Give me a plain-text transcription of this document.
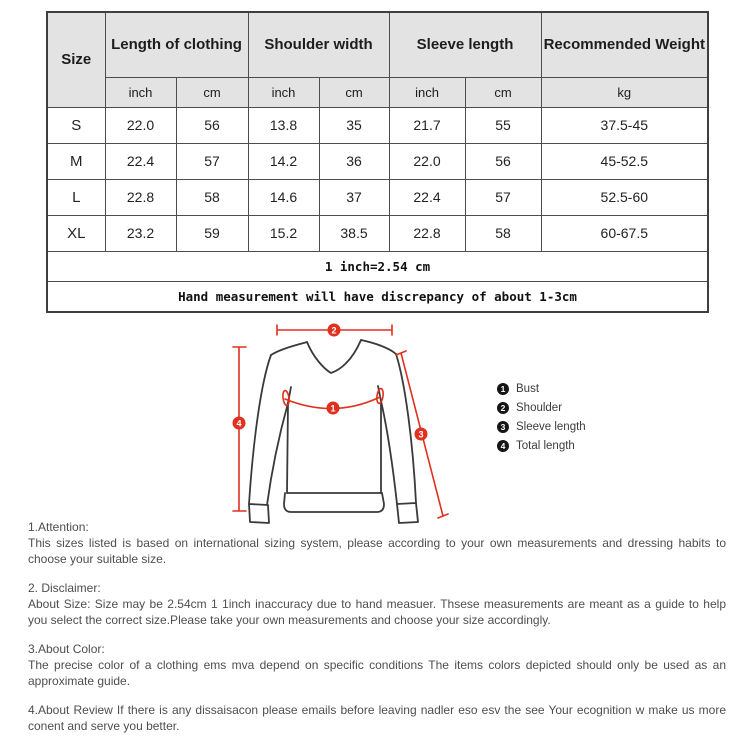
Size	Length of clothing		Shoulder width		Sleeve length		Recommended Weight
	inch	cm	inch	cm	inch	cm	kg
S	22.0	56	13.8	35	21.7	55	37.5-45
M	22.4	57	14.2	36	22.0	56	45-52.5
L	22.8	58	14.6	37	22.4	57	52.5-60
XL	23.2	59	15.2	38.5	22.8	58	60-67.5
1 inch=2.54 cm							
Hand measurement will have discrepancy of about 1-3cm							
2
4
3
1
1 Bust
2 Shoulder
3 Sleeve length
4 Total length
1.Attention:
This sizes listed is based on international sizing system, please according to your own measurements and dressing habits to choose your suitable size.
2. Disclaimer:
About Size: Size may be 2.54cm 1 1inch inaccuracy due to hand measuer. Thsese measurements are meant as a guide to help you select the correct size.Please take your own measurements and choose your size accordingly.
3.About Color:
The precise color of a clothing ems mva depend on specific conditions The items colors depicted should only be used as an approximate guide.
4.About Review If there is any dissaisacon please emails before leaving nadler eso esv the see Your ecognition w make us more conent and serve you better.
